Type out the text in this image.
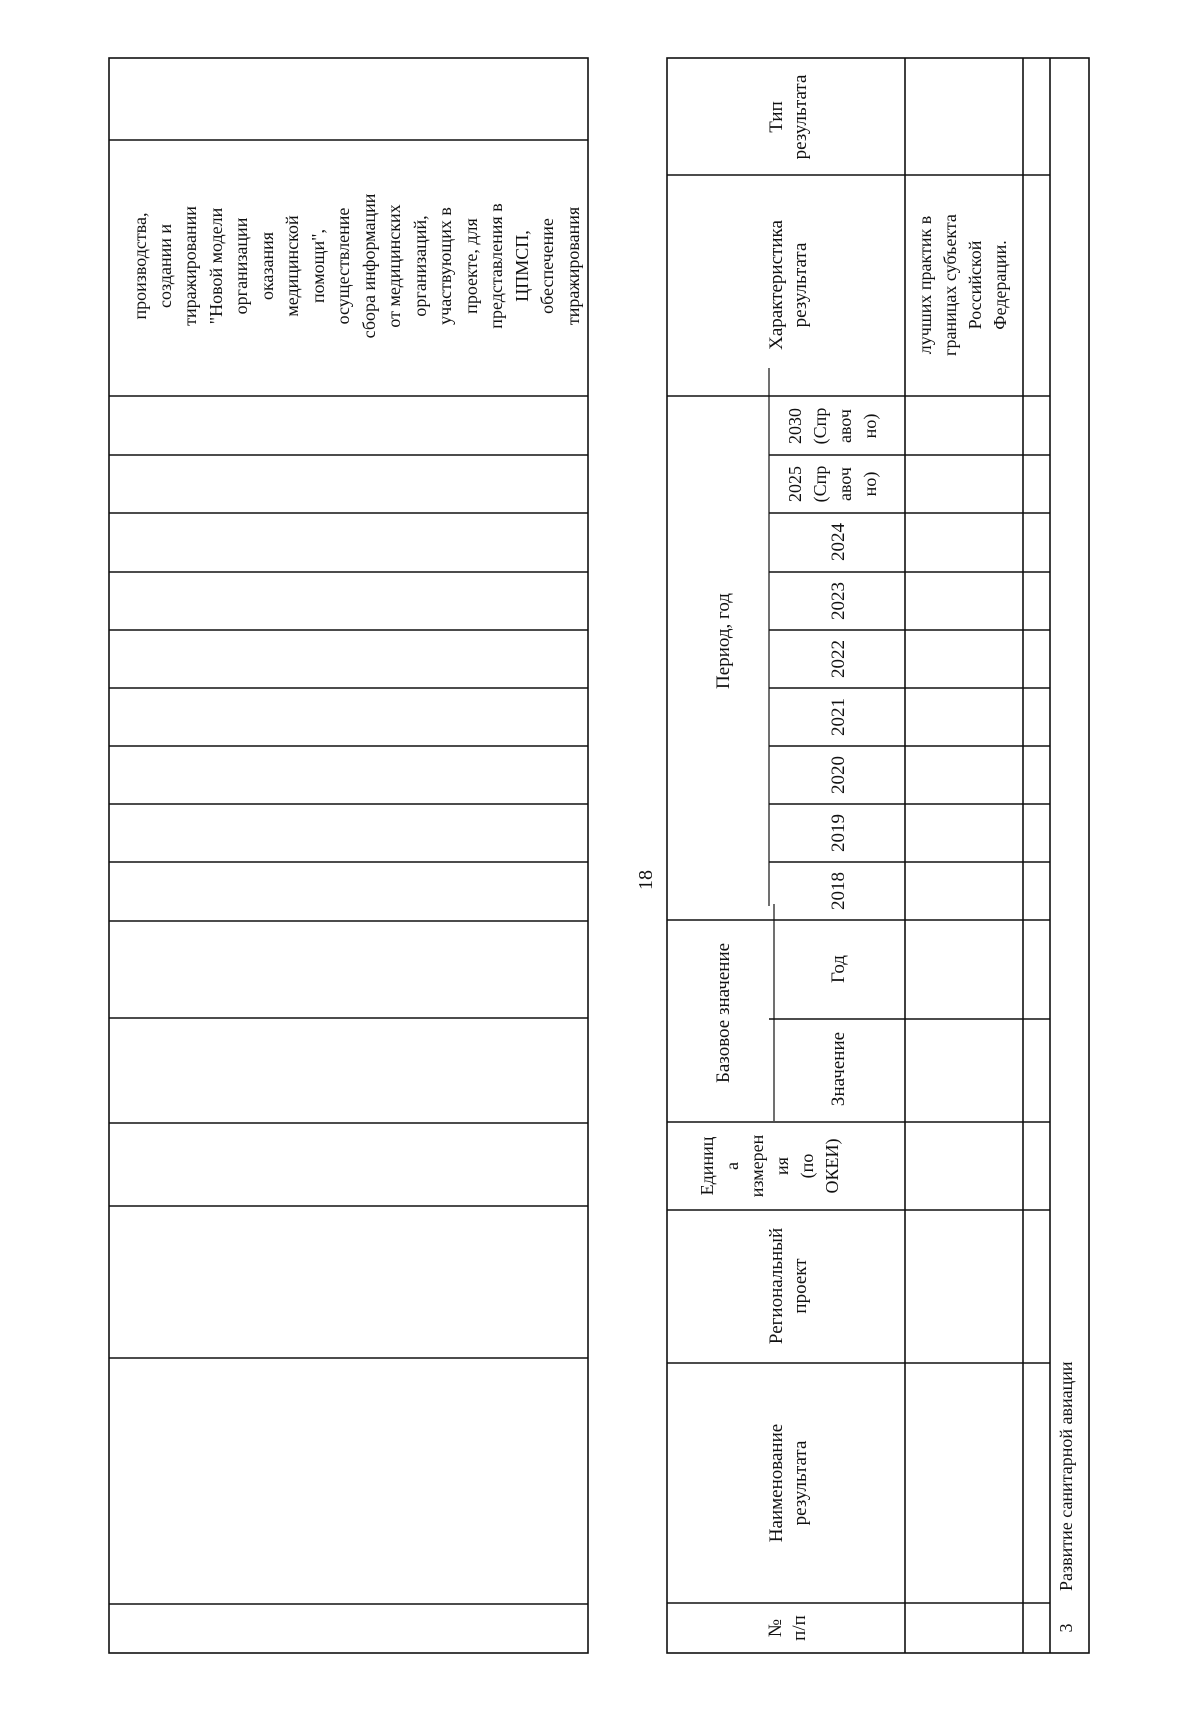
производства, создании и тиражировании "Новой модели организации оказания медицинской помощи", осуществление сбора информации от медицинских организаций, участвующих в проекте, для представления в ЦПМСП, обеспечение тиражирования
18
№ п/п
Наименование результата
Региональный проект
Единиц а измерен ия (по ОКЕИ)
Базовое значение	Значение
Год
Период, год
2018
2019
2020
2021
2022
2023
2024
2025 (Спр авоч но)
2030 (Спр авоч но)
Характеристика результата
Тип результата
лучших практик в границах субъекта Российской Федерации.
3
Развитие санитарной авиации
